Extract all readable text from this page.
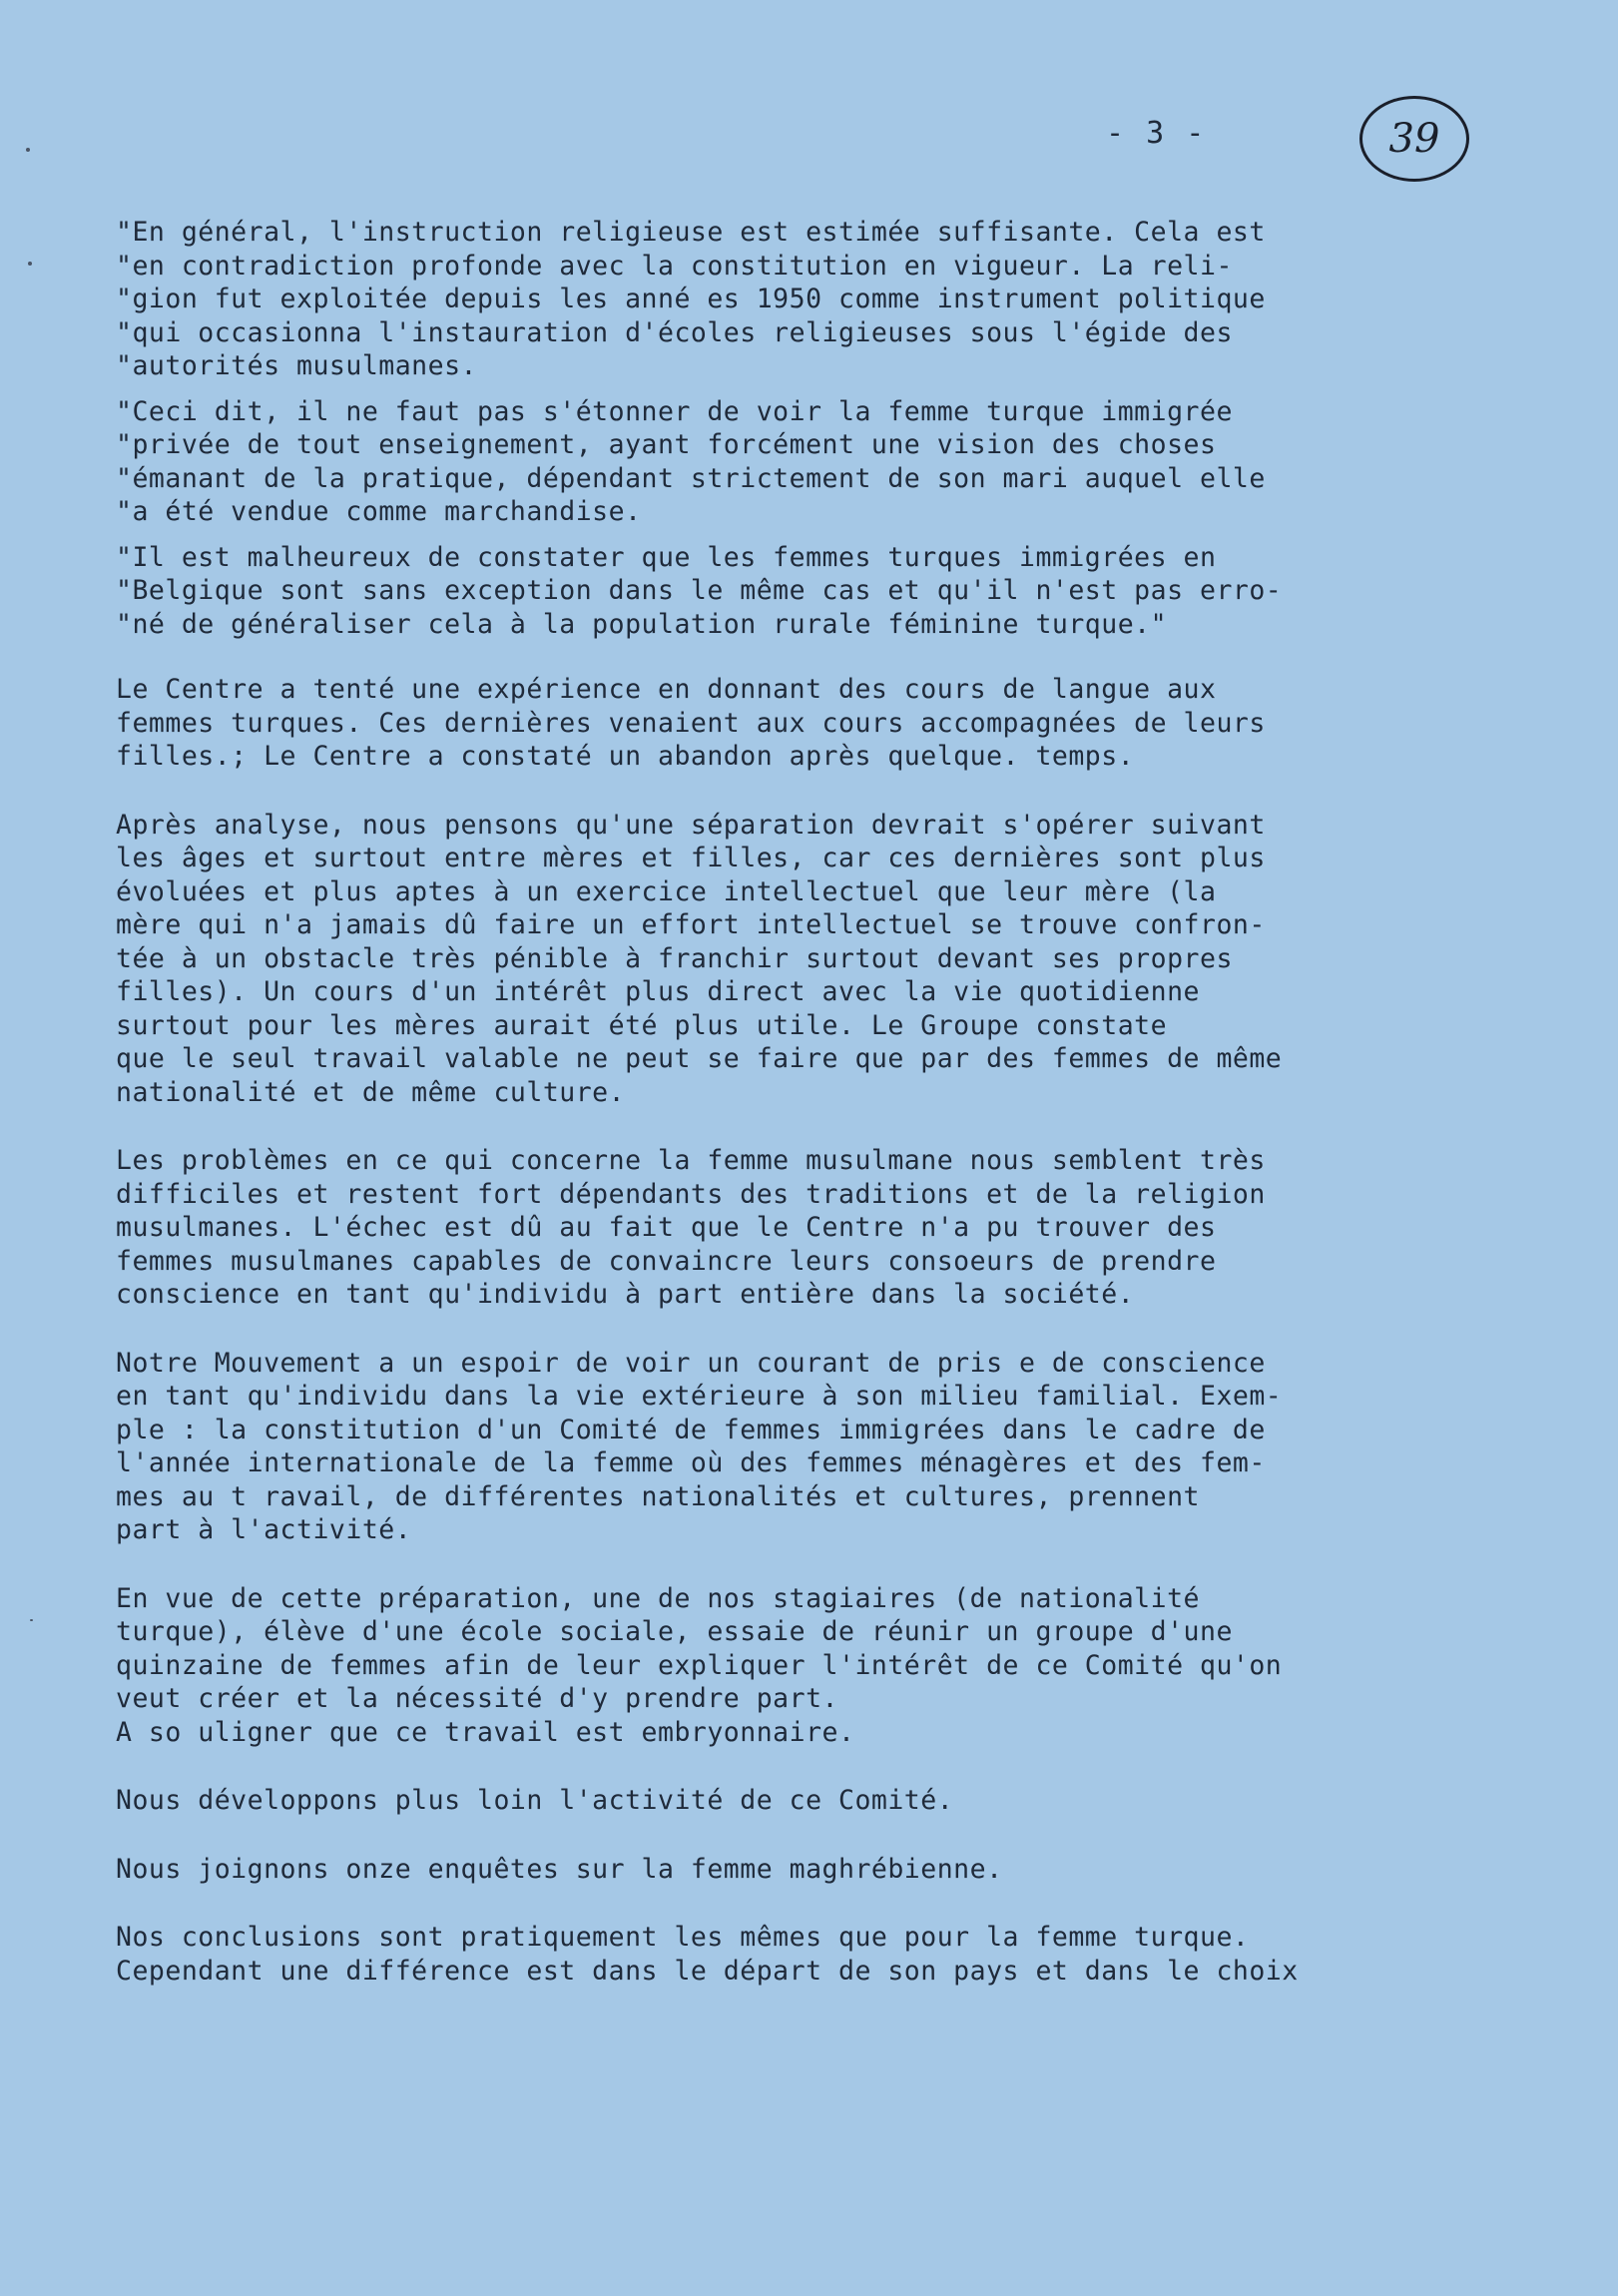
- 3 -	39

"En général, l'instruction religieuse est estimée suffisante. Cela est
"en contradiction profonde avec la constitution en vigueur. La reli-
"gion fut exploitée depuis les anné es 1950 comme instrument politique
"qui occasionna l'instauration d'écoles religieuses sous l'égide des
"autorités musulmanes.

"Ceci dit, il ne faut pas s'étonner de voir la femme turque immigrée
"privée de tout enseignement, ayant forcément une vision des choses
"émanant de la pratique, dépendant strictement de son mari auquel elle
"a été vendue comme marchandise.

"Il est malheureux de constater que les femmes turques immigrées en
"Belgique sont sans exception dans le même cas et qu'il n'est pas erro-
"né de généraliser cela à la population rurale féminine turque."

Le Centre a tenté une expérience en donnant des cours de langue aux
femmes turques. Ces dernières venaient aux cours accompagnées de leurs
filles.; Le Centre a constaté un abandon après quelque. temps.

Après analyse, nous pensons qu'une séparation devrait s'opérer suivant
les âges et surtout entre mères et filles, car ces dernières sont plus
évoluées et plus aptes à un exercice intellectuel que leur mère (la
mère qui n'a jamais dû faire un effort intellectuel se trouve confron-
tée à un obstacle très pénible à franchir surtout devant ses propres
filles). Un cours d'un intérêt plus direct avec la vie quotidienne
surtout pour les mères aurait été plus utile. Le Groupe constate
que le seul travail valable ne peut se faire que par des femmes de même
nationalité et de même culture.

Les problèmes en ce qui concerne la femme musulmane nous semblent très
difficiles et restent fort dépendants des traditions et de la religion
musulmanes. L'échec est dû au fait que le Centre n'a pu trouver des
femmes musulmanes capables de convaincre leurs consoeurs de prendre
conscience en tant qu'individu à part entière dans la société.

Notre Mouvement a un espoir de voir un courant de pris e de conscience
en tant qu'individu dans la vie extérieure à son milieu familial. Exem-
ple : la constitution d'un Comité de femmes immigrées dans le cadre de
l'année internationale de la femme où des femmes ménagères et des fem-
mes au t ravail, de différentes nationalités et cultures, prennent
part à l'activité.

En vue de cette préparation, une de nos stagiaires (de nationalité
turque), élève d'une école sociale, essaie de réunir un groupe d'une
quinzaine de femmes afin de leur expliquer l'intérêt de ce Comité qu'on
veut créer et la nécessité d'y prendre part.
A so uligner que ce travail est embryonnaire.

Nous développons plus loin l'activité de ce Comité.

Nous joignons onze enquêtes sur la femme maghrébienne.

Nos conclusions sont pratiquement les mêmes que pour la femme turque.
Cependant une différence est dans le départ de son pays et dans le choix
